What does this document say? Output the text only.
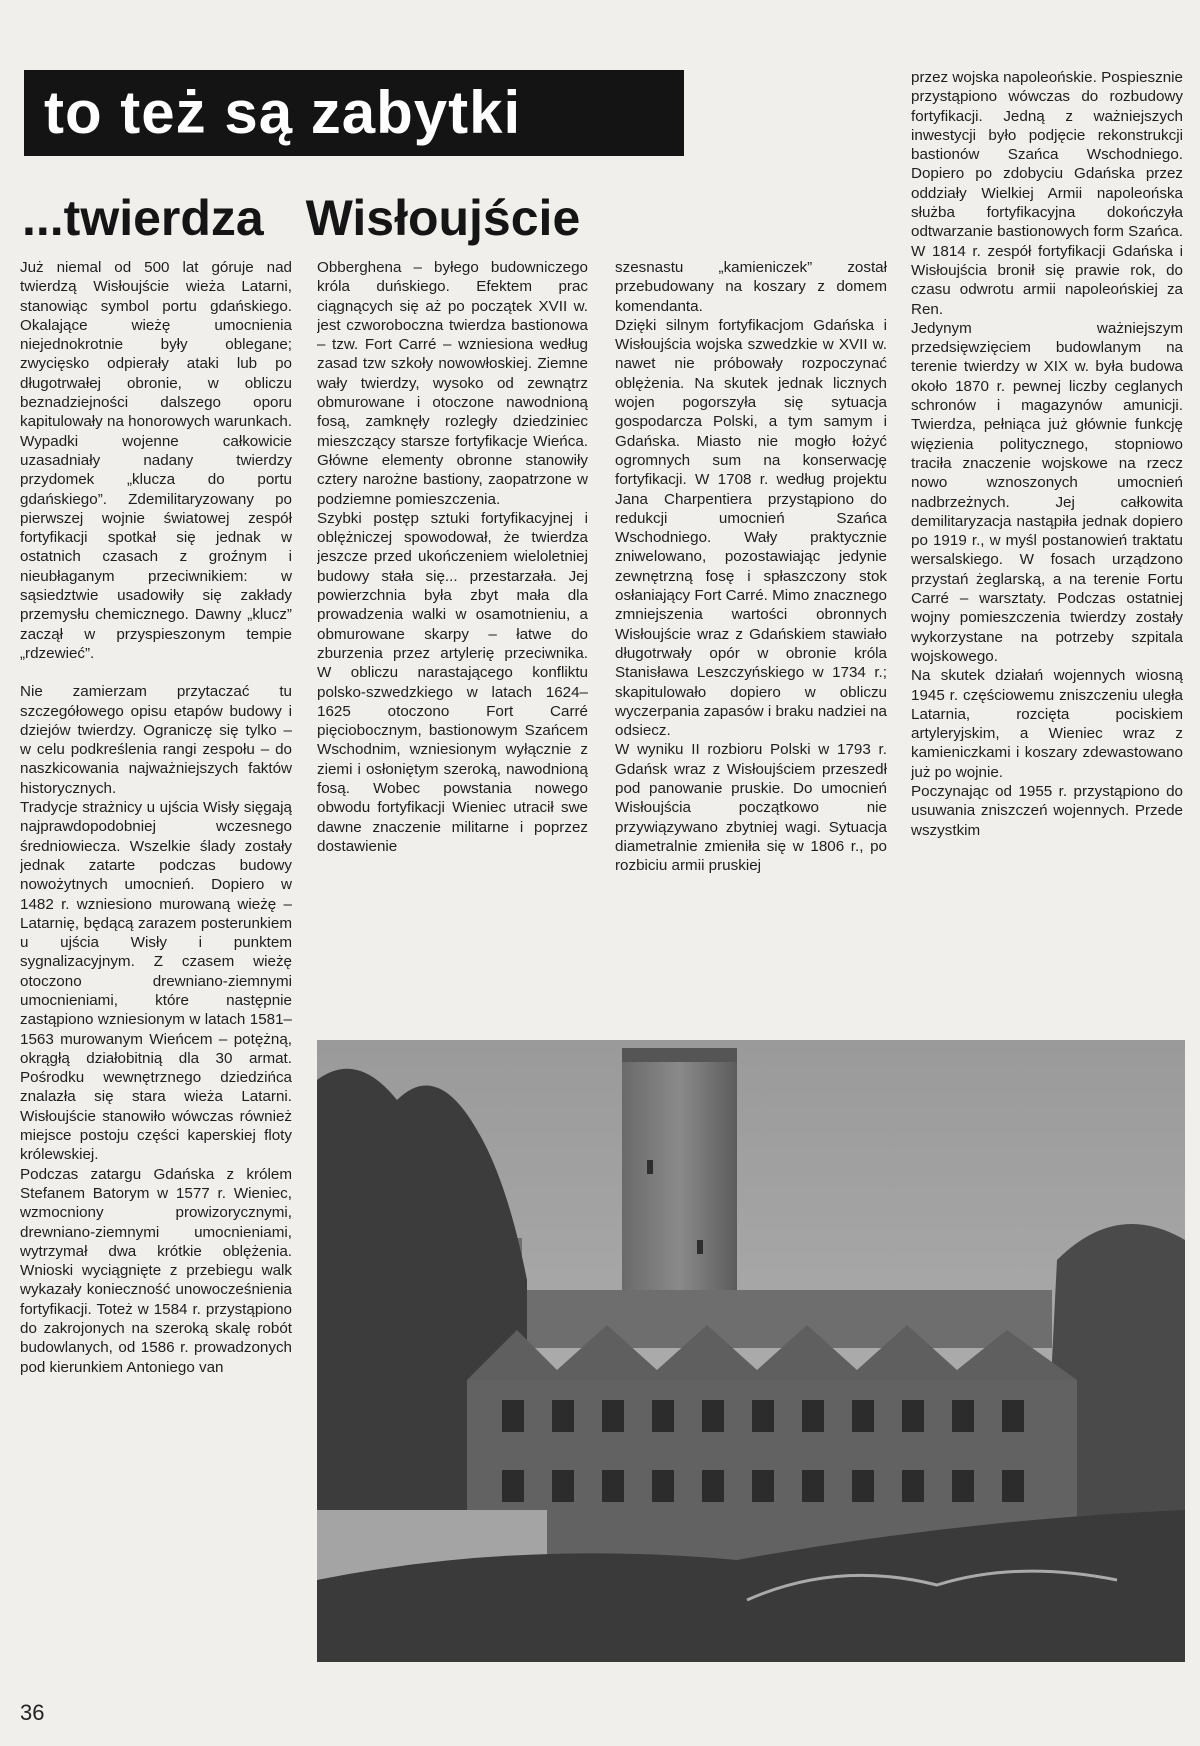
to też są zabytki
...twierdza Wisłoujście

Już niemal od 500 lat góruje nad twierdzą Wisłoujście wieża Latarni, stanowiąc symbol portu gdańskiego. Okalające wieżę umocnienia niejednokrotnie były oblegane; zwycięsko odpierały ataki lub po długotrwałej obronie, w obliczu beznadziejności dalszego oporu kapitulowały na honorowych warunkach. Wypadki wojenne całkowicie uzasadniały nadany twierdzy przydomek „klucza do portu gdańskiego”. Zdemilitaryzowany po pierwszej wojnie światowej zespół fortyfikacji spotkał się jednak w ostatnich czasach z groźnym i nieubłaganym przeciwnikiem: w sąsiedztwie usadowiły się zakłady przemysłu chemicznego. Dawny „klucz” zaczął w przyspieszonym tempie „rdzewieć”.

Nie zamierzam przytaczać tu szczegółowego opisu etapów budowy i dziejów twierdzy. Ograniczę się tylko – w celu podkreślenia rangi zespołu – do naszkicowania najważniejszych faktów historycznych.

Tradycje strażnicy u ujścia Wisły sięgają najprawdopodobniej wczesnego średniowiecza. Wszelkie ślady zostały jednak zatarte podczas budowy nowożytnych umocnień. Dopiero w 1482 r. wzniesiono murowaną wieżę – Latarnię, będącą zarazem posterunkiem u ujścia Wisły i punktem sygnalizacyjnym. Z czasem wieżę otoczono drewniano-ziemnymi umocnieniami, które następnie zastąpiono wzniesionym w latach 1581–1563 murowanym Wieńcem – potężną, okrągłą działobitnią dla 30 armat. Pośrodku wewnętrznego dziedzińca znalazła się stara wieża Latarni. Wisłoujście stanowiło wówczas również miejsce postoju części kaperskiej floty królewskiej.

Podczas zatargu Gdańska z królem Stefanem Batorym w 1577 r. Wieniec, wzmocniony prowizorycznymi, drewniano-ziemnymi umocnieniami, wytrzymał dwa krótkie oblężenia. Wnioski wyciągnięte z przebiegu walk wykazały konieczność unowocześnienia fortyfikacji. Toteż w 1584 r. przystąpiono do zakrojonych na szeroką skalę robót budowlanych, od 1586 r. prowadzonych pod kierunkiem Antoniego van

Obberghena – byłego budowniczego króla duńskiego. Efektem prac ciągnących się aż po początek XVII w. jest czworoboczna twierdza bastionowa – tzw. Fort Carré – wzniesiona według zasad tzw szkoły nowowłoskiej. Ziemne wały twierdzy, wysoko od zewnątrz obmurowane i otoczone nawodnioną fosą, zamknęły rozległy dziedziniec mieszczący starsze fortyfikacje Wieńca. Główne elementy obronne stanowiły cztery narożne bastiony, zaopatrzone w podziemne pomieszczenia.

Szybki postęp sztuki fortyfikacyjnej i oblężniczej spowodował, że twierdza jeszcze przed ukończeniem wieloletniej budowy stała się... przestarzała. Jej powierzchnia była zbyt mała dla prowadzenia walki w osamotnieniu, a obmurowane skarpy – łatwe do zburzenia przez artylerię przeciwnika. W obliczu narastającego konfliktu polsko-szwedzkiego w latach 1624–1625 otoczono Fort Carré pięciobocznym, bastionowym Szańcem Wschodnim, wzniesionym wyłącznie z ziemi i osłoniętym szeroką, nawodnioną fosą. Wobec powstania nowego obwodu fortyfikacji Wieniec utracił swe dawne znaczenie militarne i poprzez dostawienie

szesnastu „kamieniczek” został przebudowany na koszary z domem komendanta.

Dzięki silnym fortyfikacjom Gdańska i Wisłoujścia wojska szwedzkie w XVII w. nawet nie próbowały rozpoczynać oblężenia. Na skutek jednak licznych wojen pogorszyła się sytuacja gospodarcza Polski, a tym samym i Gdańska. Miasto nie mogło łożyć ogromnych sum na konserwację fortyfikacji. W 1708 r. według projektu Jana Charpentiera przystąpiono do redukcji umocnień Szańca Wschodniego. Wały praktycznie zniwelowano, pozostawiając jedynie zewnętrzną fosę i spłaszczony stok osłaniający Fort Carré. Mimo znacznego zmniejszenia wartości obronnych Wisłoujście wraz z Gdańskiem stawiało długotrwały opór w obronie króla Stanisława Leszczyńskiego w 1734 r.; skapitulowało dopiero w obliczu wyczerpania zapasów i braku nadziei na odsiecz.

W wyniku II rozbioru Polski w 1793 r. Gdańsk wraz z Wisłoujściem przeszedł pod panowanie pruskie. Do umocnień Wisłoujścia początkowo nie przywiązywano zbytniej wagi. Sytuacja diametralnie zmieniła się w 1806 r., po rozbiciu armii pruskiej

przez wojska napoleońskie. Pospiesznie przystąpiono wówczas do rozbudowy fortyfikacji. Jedną z ważniejszych inwestycji było podjęcie rekonstrukcji bastionów Szańca Wschodniego. Dopiero po zdobyciu Gdańska przez oddziały Wielkiej Armii napoleońska służba fortyfikacyjna dokończyła odtwarzanie bastionowych form Szańca. W 1814 r. zespół fortyfikacji Gdańska i Wisłoujścia bronił się prawie rok, do czasu odwrotu armii napoleońskiej za Ren.

Jedynym ważniejszym przedsięwzięciem budowlanym na terenie twierdzy w XIX w. była budowa około 1870 r. pewnej liczby ceglanych schronów i magazynów amunicji. Twierdza, pełniąca już głównie funkcję więzienia politycznego, stopniowo traciła znaczenie wojskowe na rzecz nowo wznoszonych umocnień nadbrzeżnych. Jej całkowita demilitaryzacja nastąpiła jednak dopiero po 1919 r., w myśl postanowień traktatu wersalskiego. W fosach urządzono przystań żeglarską, a na terenie Fortu Carré – warsztaty. Podczas ostatniej wojny pomieszczenia twierdzy zostały wykorzystane na potrzeby szpitala wojskowego.

Na skutek działań wojennych wiosną 1945 r. częściowemu zniszczeniu uległa Latarnia, rozcięta pociskiem artyleryjskim, a Wieniec wraz z kamieniczkami i koszary zdewastowano już po wojnie.

Poczynając od 1955 r. przystąpiono do usuwania zniszczeń wojennych. Przede wszystkim

36
